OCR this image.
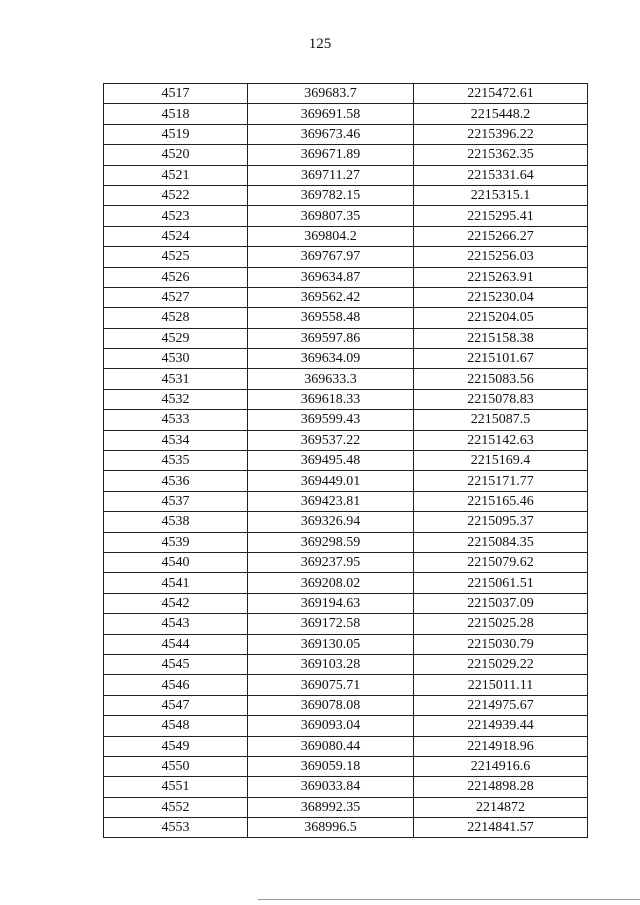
125
4517	369683.7	2215472.61
4518	369691.58	2215448.2
4519	369673.46	2215396.22
4520	369671.89	2215362.35
4521	369711.27	2215331.64
4522	369782.15	2215315.1
4523	369807.35	2215295.41
4524	369804.2	2215266.27
4525	369767.97	2215256.03
4526	369634.87	2215263.91
4527	369562.42	2215230.04
4528	369558.48	2215204.05
4529	369597.86	2215158.38
4530	369634.09	2215101.67
4531	369633.3	2215083.56
4532	369618.33	2215078.83
4533	369599.43	2215087.5
4534	369537.22	2215142.63
4535	369495.48	2215169.4
4536	369449.01	2215171.77
4537	369423.81	2215165.46
4538	369326.94	2215095.37
4539	369298.59	2215084.35
4540	369237.95	2215079.62
4541	369208.02	2215061.51
4542	369194.63	2215037.09
4543	369172.58	2215025.28
4544	369130.05	2215030.79
4545	369103.28	2215029.22
4546	369075.71	2215011.11
4547	369078.08	2214975.67
4548	369093.04	2214939.44
4549	369080.44	2214918.96
4550	369059.18	2214916.6
4551	369033.84	2214898.28
4552	368992.35	2214872
4553	368996.5	2214841.57
